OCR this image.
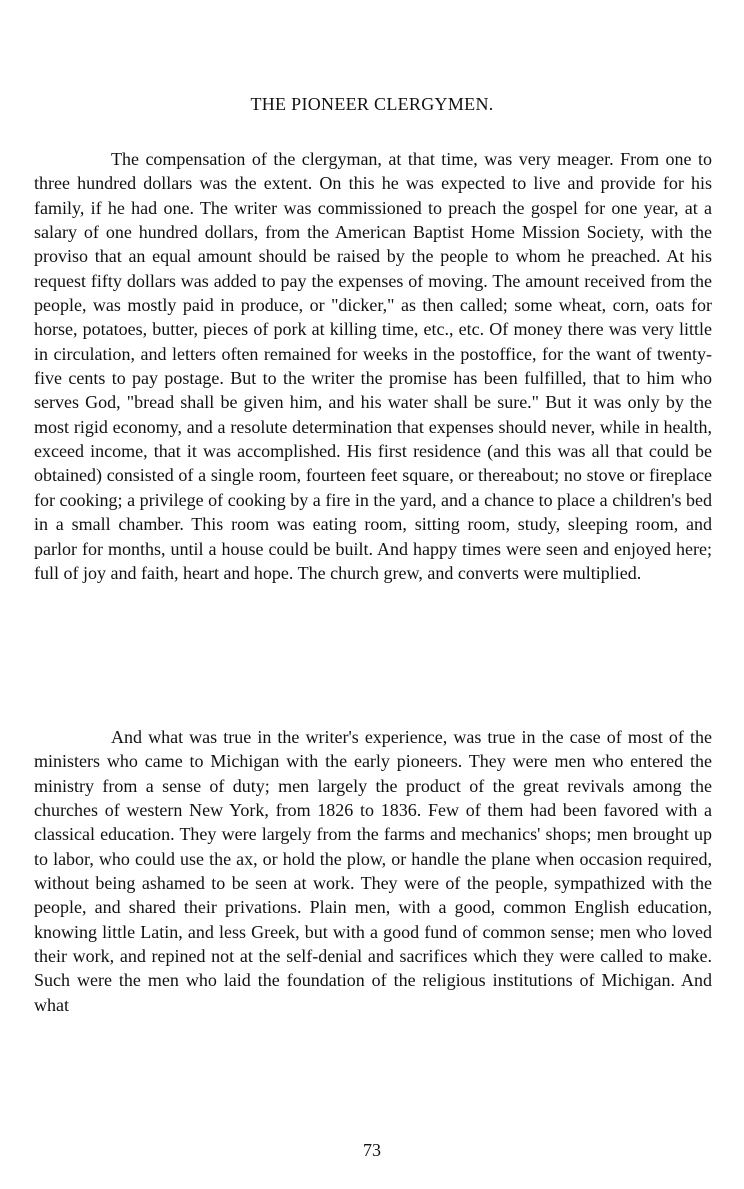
THE PIONEER CLERGYMEN.

The compensation of the clergyman, at that time, was very meager. From one to three hundred dollars was the extent. On this he was expected to live and provide for his family, if he had one. The writer was commissioned to preach the gospel for one year, at a salary of one hundred dollars, from the American Baptist Home Mission Society, with the proviso that an equal amount should be raised by the people to whom he preached. At his request fifty dollars was added to pay the expenses of moving. The amount received from the people, was mostly paid in produce, or "dicker," as then called; some wheat, corn, oats for horse, potatoes, butter, pieces of pork at killing time, etc., etc. Of money there was very little in circulation, and letters often remained for weeks in the postoffice, for the want of twenty-five cents to pay postage. But to the writer the promise has been fulfilled, that to him who serves God, "bread shall be given him, and his water shall be sure." But it was only by the most rigid economy, and a resolute determination that expenses should never, while in health, exceed income, that it was accomplished. His first residence (and this was all that could be obtained) consisted of a single room, fourteen feet square, or thereabout; no stove or fireplace for cooking; a privilege of cooking by a fire in the yard, and a chance to place a children's bed in a small chamber. This room was eating room, sitting room, study, sleeping room, and parlor for months, until a house could be built. And happy times were seen and enjoyed here; full of joy and faith, heart and hope. The church grew, and converts were multiplied.

And what was true in the writer's experience, was true in the case of most of the ministers who came to Michigan with the early pioneers. They were men who entered the ministry from a sense of duty; men largely the product of the great revivals among the churches of western New York, from 1826 to 1836. Few of them had been favored with a classical education. They were largely from the farms and mechanics' shops; men brought up to labor, who could use the ax, or hold the plow, or handle the plane when occasion required, without being ashamed to be seen at work. They were of the people, sympathized with the people, and shared their privations. Plain men, with a good, common English education, knowing little Latin, and less Greek, but with a good fund of common sense; men who loved their work, and repined not at the self-denial and sacrifices which they were called to make. Such were the men who laid the foundation of the religious institutions of Michigan. And what

73
